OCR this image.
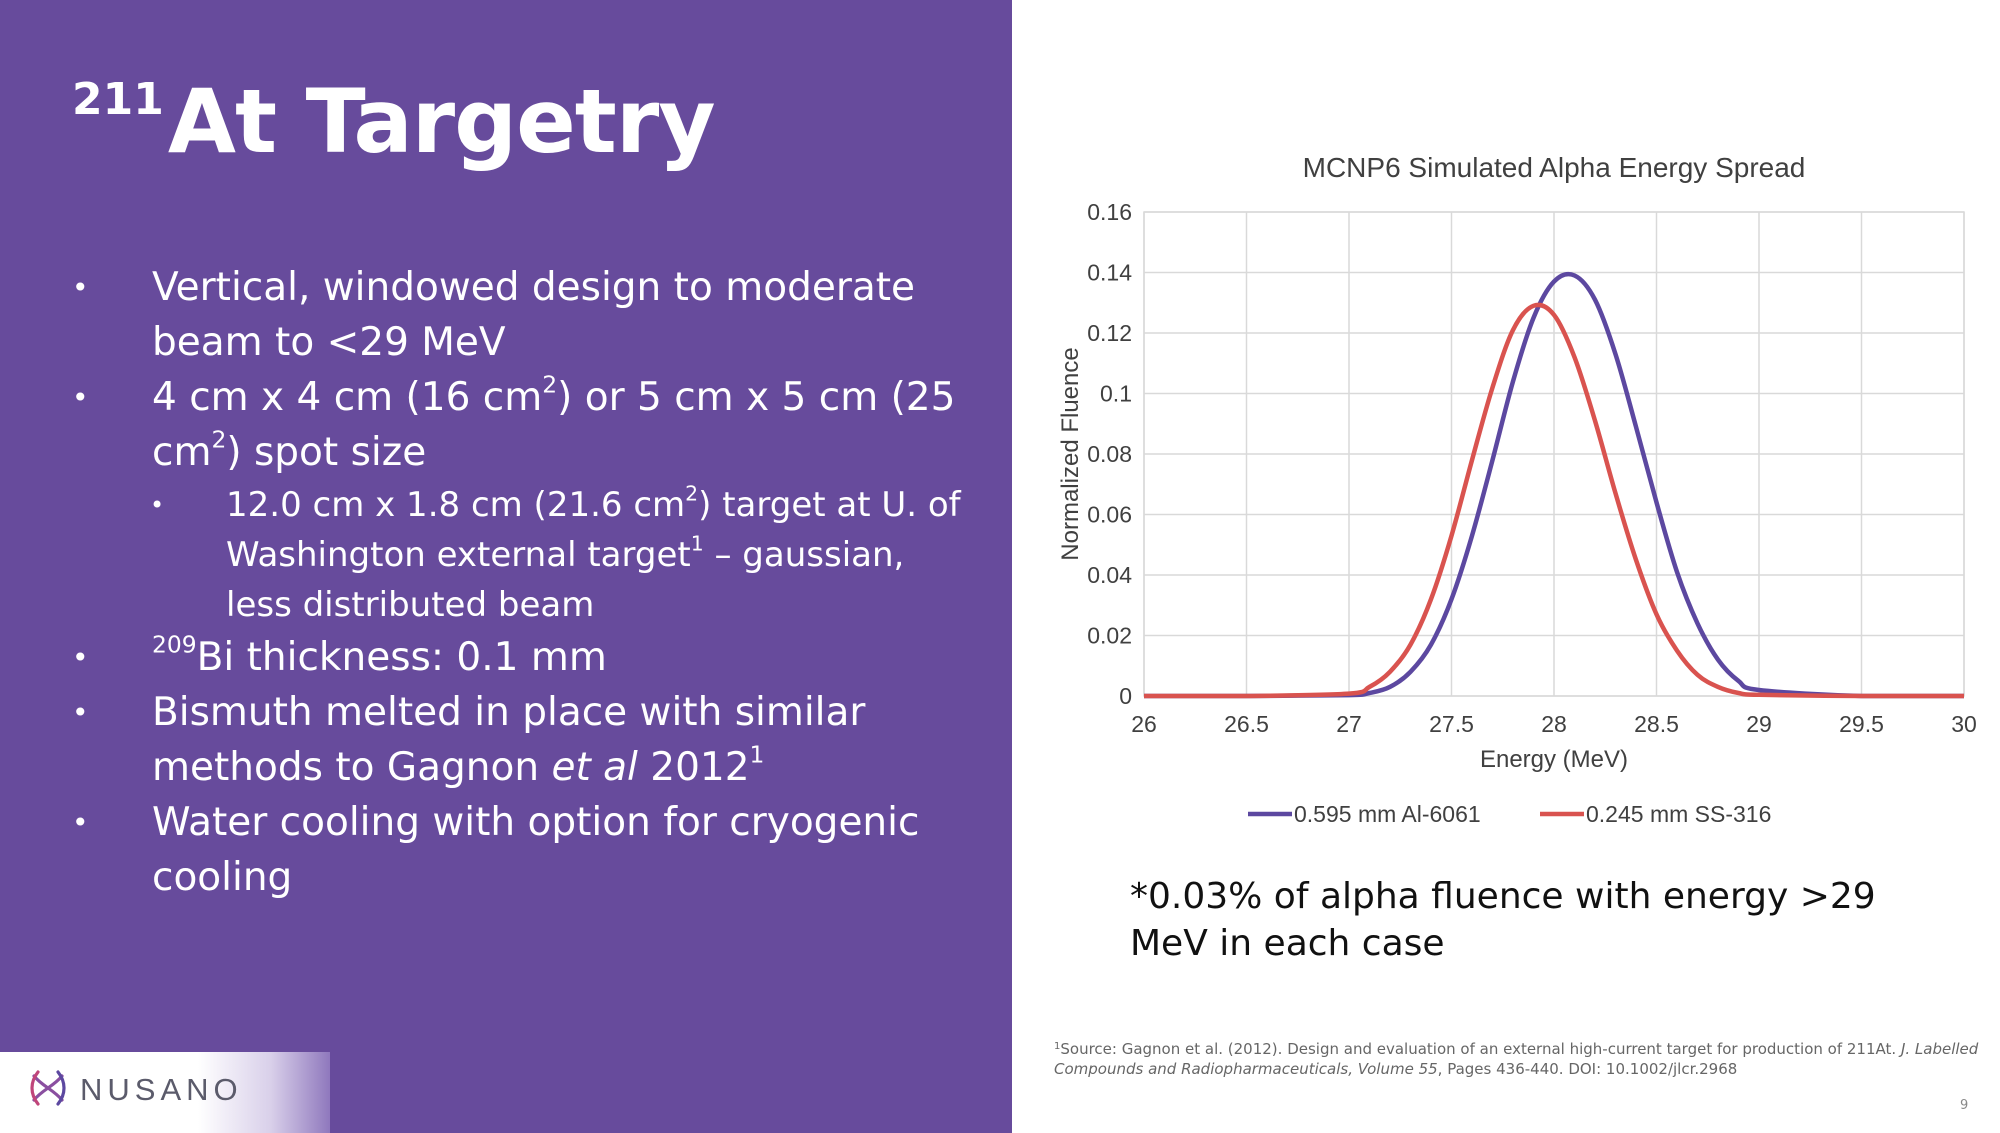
$^{211}$At Targetry
• Vertical, windowed design to moderate beam to <29 MeV
• 4 cm x 4 cm (16 $cm^2$) or 5 cm x 5 cm (25 $cm^2$) spot size
• 12.0 cm x 1.8 cm (21.6 $cm^2$) target at U. of Washington external target$^1$ – gaussian, less distributed beam
•	$^{209}$Bi thickness: 0.1 mm
• Bismuth melted in place with similar methods to Gagnon et al 2012$^1$
• Water cooling with option for cryogenic cooling
NUSANO
0
0.02
0.04
0.06
0.08
0.1
0.12
0.14
0.16
26	26.5	27	27.5	28	28.5	29	29.5	30
MCNP6 Simulated Alpha Energy Spread
Energy (MeV)
Normalized Fluence
0.595 mm Al-6061	0.245 mm SS-316

*0.03% of alpha fluence with energy >29 MeV in each case

$^1$Source: Gagnon et al. (2012). Design and evaluation of an external high-current target for production of 211At. J. Labelled Compounds and Radiopharmaceuticals, Volume 55, Pages 436-440. DOI: 10.1002/jlcr.2968

9
